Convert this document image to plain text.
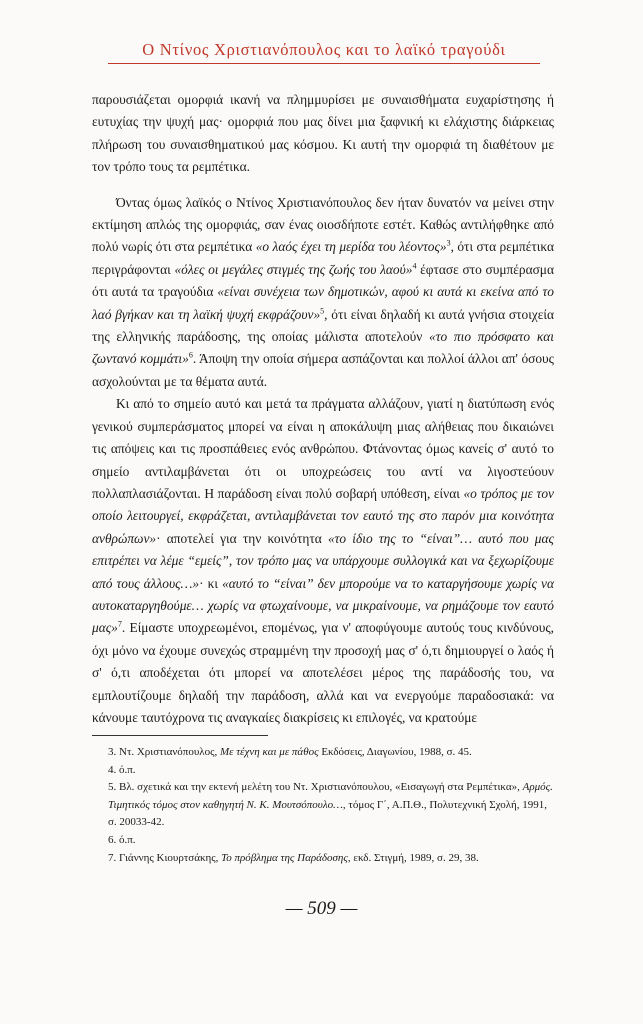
Ο Ντίνος Χριστιανόπουλος και το λαϊκό τραγούδι

παρουσιάζεται ομορφιά ικανή να πλημμυρίσει με συναισθήματα ευχαρίστησης ή ευτυχίας την ψυχή μας· ομορφιά που μας δίνει μια ξαφνική κι ελάχιστης διάρκειας πλήρωση του συναισθηματικού μας κόσμου. Κι αυτή την ομορφιά τη διαθέτουν με τον τρόπο τους τα ρεμπέτικα.

Όντας όμως λαϊκός ο Ντίνος Χριστιανόπουλος δεν ήταν δυνατόν να μείνει στην εκτίμηση απλώς της ομορφιάς, σαν ένας οιοσδήποτε εστέτ. Καθώς αντιλήφθηκε από πολύ νωρίς ότι στα ρεμπέτικα «ο λαός έχει τη μερίδα του λέοντος»$^3$, ότι στα ρεμπέτικα περιγράφονται «όλες οι μεγάλες στιγμές της ζωής του λαού»$^4$ έφτασε στο συμπέρασμα ότι αυτά τα τραγούδια «είναι συνέχεια των δημοτικών, αφού κι αυτά κι εκείνα από το λαό βγήκαν και τη λαϊκή ψυχή εκφράζουν»$^5$, ότι είναι δηλαδή κι αυτά γνήσια στοιχεία της ελληνικής παράδοσης, της οποίας μάλιστα αποτελούν «το πιο πρόσφατο και ζωντανό κομμάτι»$^6$. Άποψη την οποία σήμερα ασπάζονται και πολλοί άλλοι απ' όσους ασχολούνται με τα θέματα αυτά.

Κι από το σημείο αυτό και μετά τα πράγματα αλλάζουν, γιατί η διατύπωση ενός γενικού συμπεράσματος μπορεί να είναι η αποκάλυψη μιας αλήθειας που δικαιώνει τις απόψεις και τις προσπάθειες ενός ανθρώπου. Φτάνοντας όμως κανείς σ' αυτό το σημείο αντιλαμβάνεται ότι οι υποχρεώσεις του αντί να λιγοστεύουν πολλαπλασιάζονται. Η παράδοση είναι πολύ σοβαρή υπόθεση, είναι «ο τρόπος με τον οποίο λειτουργεί, εκφράζεται, αντιλαμβάνεται τον εαυτό της στο παρόν μια κοινότητα ανθρώπων»· αποτελεί για την κοινότητα «το ίδιο της το “είναι”… αυτό που μας επιτρέπει να λέμε “εμείς”, τον τρόπο μας να υπάρχουμε συλλογικά και να ξεχωρίζουμε από τους άλλους…»· κι «αυτό το “είναι” δεν μπορούμε να το καταργήσουμε χωρίς να αυτοκαταργηθούμε… χωρίς να φτωχαίνουμε, να μικραίνουμε, να ρημάζουμε τον εαυτό μας»$^7$. Είμαστε υποχρεωμένοι, επομένως, για ν' αποφύγουμε αυτούς τους κινδύνους, όχι μόνο να έχουμε συνεχώς στραμμένη την προσοχή μας σ' ό,τι δημιουργεί ο λαός ή σ' ό,τι αποδέχεται ότι μπορεί να αποτελέσει μέρος της παράδοσής του, να εμπλουτίζουμε δηλαδή την παράδοση, αλλά και να ενεργούμε παραδοσιακά: να κάνουμε ταυτόχρονα τις αναγκαίες διακρίσεις κι επιλογές, να κρατούμε

3. Ντ. Χριστιανόπουλος, Με τέχνη και με πάθος Εκδόσεις, Διαγωνίου, 1988, σ. 45.

4. ό.π.

5. Βλ. σχετικά και την εκτενή μελέτη του Ντ. Χριστιανόπουλου, «Εισαγωγή στα Ρεμπέτικα», Αρμός. Τιμητικός τόμος στον καθηγητή Ν. Κ. Μουτσόπουλο…, τόμος Γ΄, Α.Π.Θ., Πολυτεχνική Σχολή, 1991, σ. 20033-42.

6. ό.π.

7. Γιάννης Κιουρτσάκης, Το πρόβλημα της Παράδοσης, εκδ. Στιγμή, 1989, σ. 29, 38.

— 509 —
